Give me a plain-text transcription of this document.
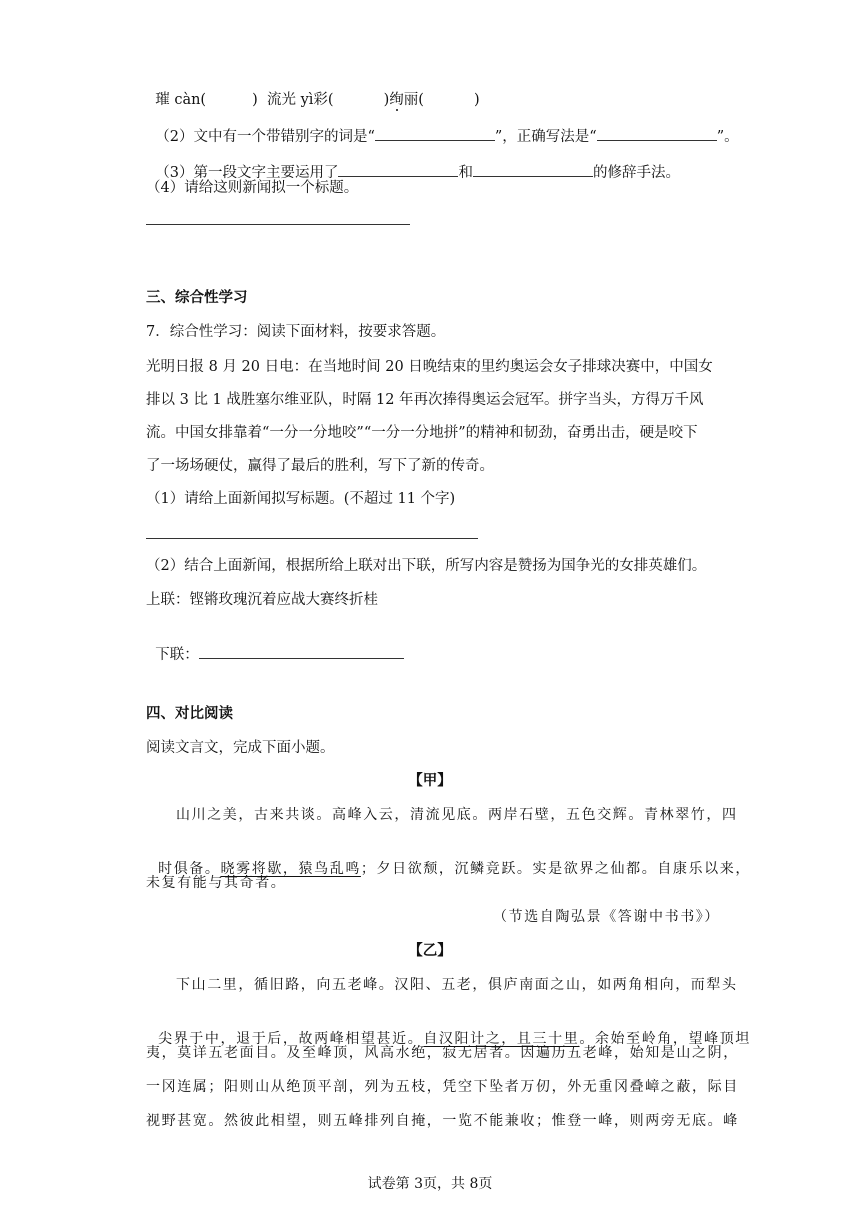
璀 càn(	) 流光 yì彩(	)绚丽(	)

（2）文中有一个带错别字的词是“	”，正确写法是“	”。

（3）第一段文字主要运用了	和	的修辞手法。

（4）请给这则新闻拟一个标题。
三、综合性学习
7．综合性学习：阅读下面材料，按要求答题。
光明日报 8 月 20 日电：在当地时间 20 日晚结束的里约奥运会女子排球决赛中，中国女
排以 3 比 1 战胜塞尔维亚队，时隔 12 年再次捧得奥运会冠军。拼字当头，方得万千风
流。中国女排靠着“一分一分地咬”“一分一分地拼”的精神和韧劲，奋勇出击，硬是咬下
了一场场硬仗，赢得了最后的胜利，写下了新的传奇。
（1）请给上面新闻拟写标题。(不超过 11 个字)
（2）结合上面新闻，根据所给上联对出下联，所写内容是赞扬为国争光的女排英雄们。
上联：铿锵玫瑰沉着应战大赛终折桂

下联：

四、对比阅读
阅读文言文，完成下面小题。
【甲】
山川之美，古来共谈。高峰入云，清流见底。两岸石壁，五色交辉。青林翠竹，四

时俱备。晓雾将歇，猿鸟乱鸣；夕日欲颓，沉鳞竞跃。实是欲界之仙都。自康乐以来，

未复有能与其奇者。
（节选自陶弘景《答谢中书书》）
【乙】
下山二里，循旧路，向五老峰。汉阳、五老，俱庐南面之山，如两角相向，而犁头

尖界于中，退于后，故两峰相望甚近。自汉阳计之，且三十里。余始至岭角，望峰顶坦

夷，莫详五老面目。及至峰顶，风高水绝，寂无居者。因遍历五老峰，始知是山之阴，
一冈连属；阳则山从绝顶平剖，列为五枝，凭空下坠者万仞，外无重冈叠嶂之蔽，际目
视野甚宽。然彼此相望，则五峰排列自掩，一览不能兼收；惟登一峰，则两旁无底。峰
试卷第 3页，共 8页
